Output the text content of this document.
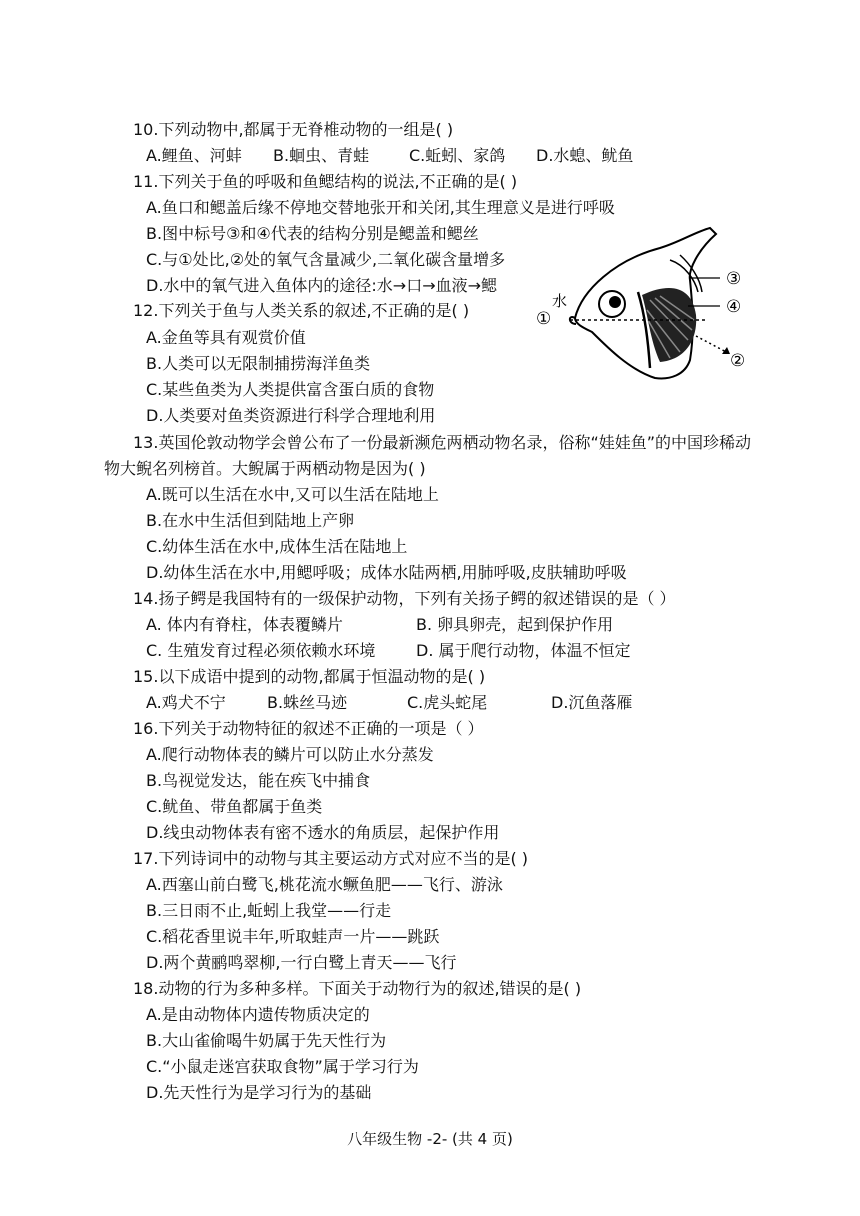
10.下列动物中,都属于无脊椎动物的一组是( )
A.鲤鱼、河蚌 B.蛔虫、青蛙 C.蚯蚓、家鸽 D.水螅、鱿鱼
11.下列关于鱼的呼吸和鱼鳃结构的说法,不正确的是( )
A.鱼口和鳃盖后缘不停地交替地张开和关闭,其生理意义是进行呼吸
B.图中标号③和④代表的结构分别是鳃盖和鳃丝
C.与①处比,②处的氧气含量减少,二氧化碳含量增多
D.水中的氧气进入鱼体内的途径:水→口→血液→鳃
水
①
②
③
④
12.下列关于鱼与人类关系的叙述,不正确的是( )
A.金鱼等具有观赏价值
B.人类可以无限制捕捞海洋鱼类
C.某些鱼类为人类提供富含蛋白质的食物
D.人类要对鱼类资源进行科学合理地利用
13.英国伦敦动物学会曾公布了一份最新濒危两栖动物名录，俗称“娃娃鱼”的中国珍稀动
物大鲵名列榜首。大鲵属于两栖动物是因为( )
A.既可以生活在水中,又可以生活在陆地上
B.在水中生活但到陆地上产卵
C.幼体生活在水中,成体生活在陆地上
D.幼体生活在水中,用鳃呼吸；成体水陆两栖,用肺呼吸,皮肤辅助呼吸
14.扬子鳄是我国特有的一级保护动物，下列有关扬子鳄的叙述错误的是（ ）
A. 体内有脊柱，体表覆鳞片	B. 卵具卵壳，起到保护作用
C. 生殖发育过程必须依赖水环境	D. 属于爬行动物，体温不恒定
15.以下成语中提到的动物,都属于恒温动物的是( )
A.鸡犬不宁	B.蛛丝马迹	C.虎头蛇尾	D.沉鱼落雁
16.下列关于动物特征的叙述不正确的一项是（ ）
A.爬行动物体表的鳞片可以防止水分蒸发
B.鸟视觉发达，能在疾飞中捕食
C.鱿鱼、带鱼都属于鱼类
D.线虫动物体表有密不透水的角质层，起保护作用
17.下列诗词中的动物与其主要运动方式对应不当的是( )
A.西塞山前白鹭飞,桃花流水鳜鱼肥——飞行、游泳
B.三日雨不止,蚯蚓上我堂——行走
C.稻花香里说丰年,听取蛙声一片——跳跃
D.两个黄鹂鸣翠柳,一行白鹭上青天——飞行
18.动物的行为多种多样。下面关于动物行为的叙述,错误的是( )
A.是由动物体内遗传物质决定的
B.大山雀偷喝牛奶属于先天性行为
C.“小鼠走迷宫获取食物”属于学习行为
D.先天性行为是学习行为的基础
八年级生物 -2- (共 4 页)
